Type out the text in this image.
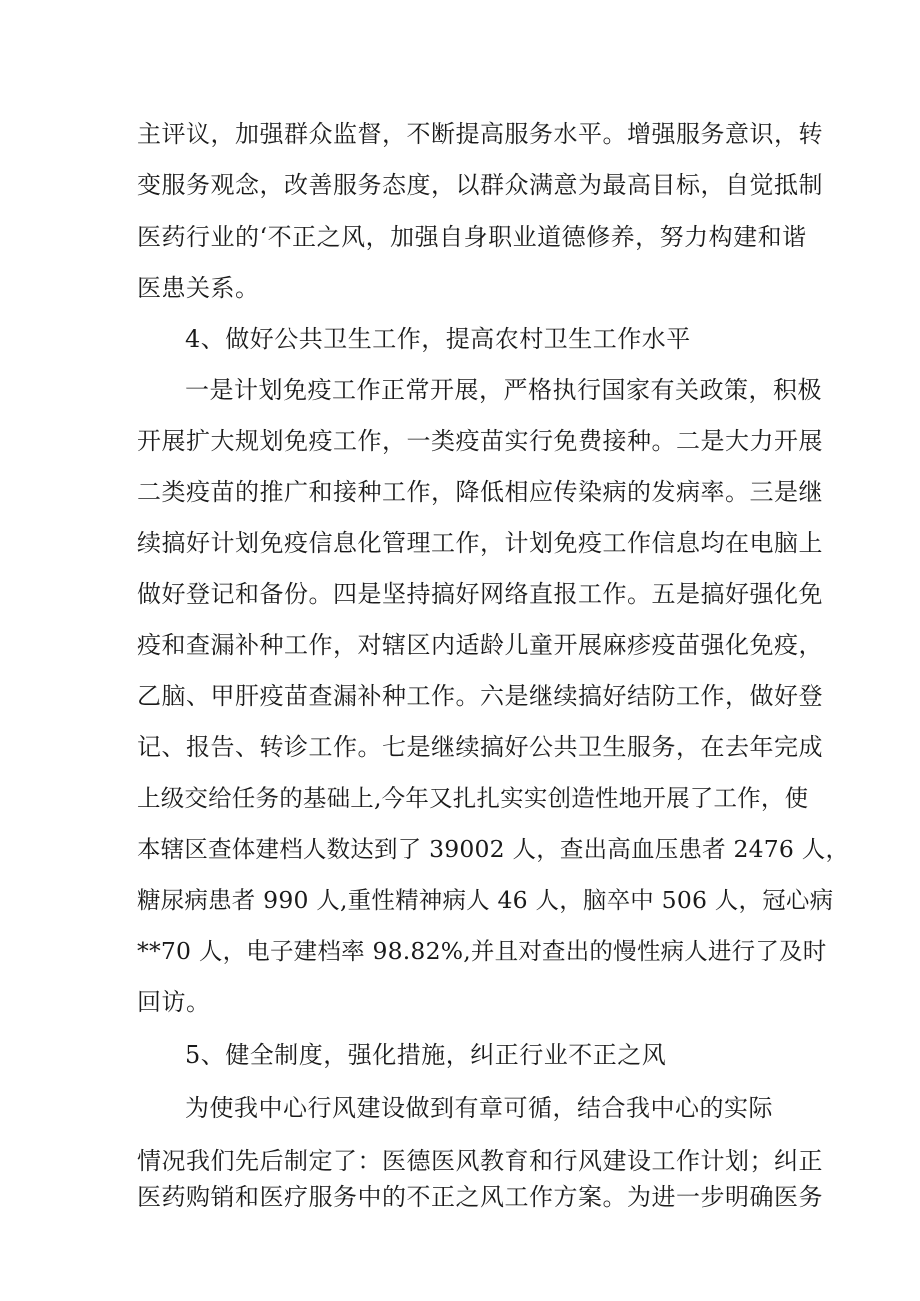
主评议，加强群众监督，不断提高服务水平。增强服务意识，转
变服务观念，改善服务态度，以群众满意为最高目标，自觉抵制
医药行业的‘不正之风，加强自身职业道德修养，努力构建和谐
医患关系。
4、做好公共卫生工作，提高农村卫生工作水平
一是计划免疫工作正常开展，严格执行国家有关政策，积极
开展扩大规划免疫工作，一类疫苗实行免费接种。二是大力开展
二类疫苗的推广和接种工作，降低相应传染病的发病率。三是继
续搞好计划免疫信息化管理工作，计划免疫工作信息均在电脑上
做好登记和备份。四是坚持搞好网络直报工作。五是搞好强化免
疫和查漏补种工作，对辖区内适龄儿童开展麻疹疫苗强化免疫，
乙脑、甲肝疫苗查漏补种工作。六是继续搞好结防工作，做好登
记、报告、转诊工作。七是继续搞好公共卫生服务，在去年完成
上级交给任务的基础上,今年又扎扎实实创造性地开展了工作，使
本辖区查体建档人数达到了 39002 人，查出高血压患者 2476 人，
糖尿病患者 990 人,重性精神病人 46 人，脑卒中 506 人，冠心病
**70 人，电子建档率 98.82%,并且对查出的慢性病人进行了及时
回访。
5、健全制度，强化措施，纠正行业不正之风
为使我中心行风建设做到有章可循，结合我中心的实际
情况我们先后制定了：医德医风教育和行风建设工作计划；纠正
医药购销和医疗服务中的不正之风工作方案。为进一步明确医务
